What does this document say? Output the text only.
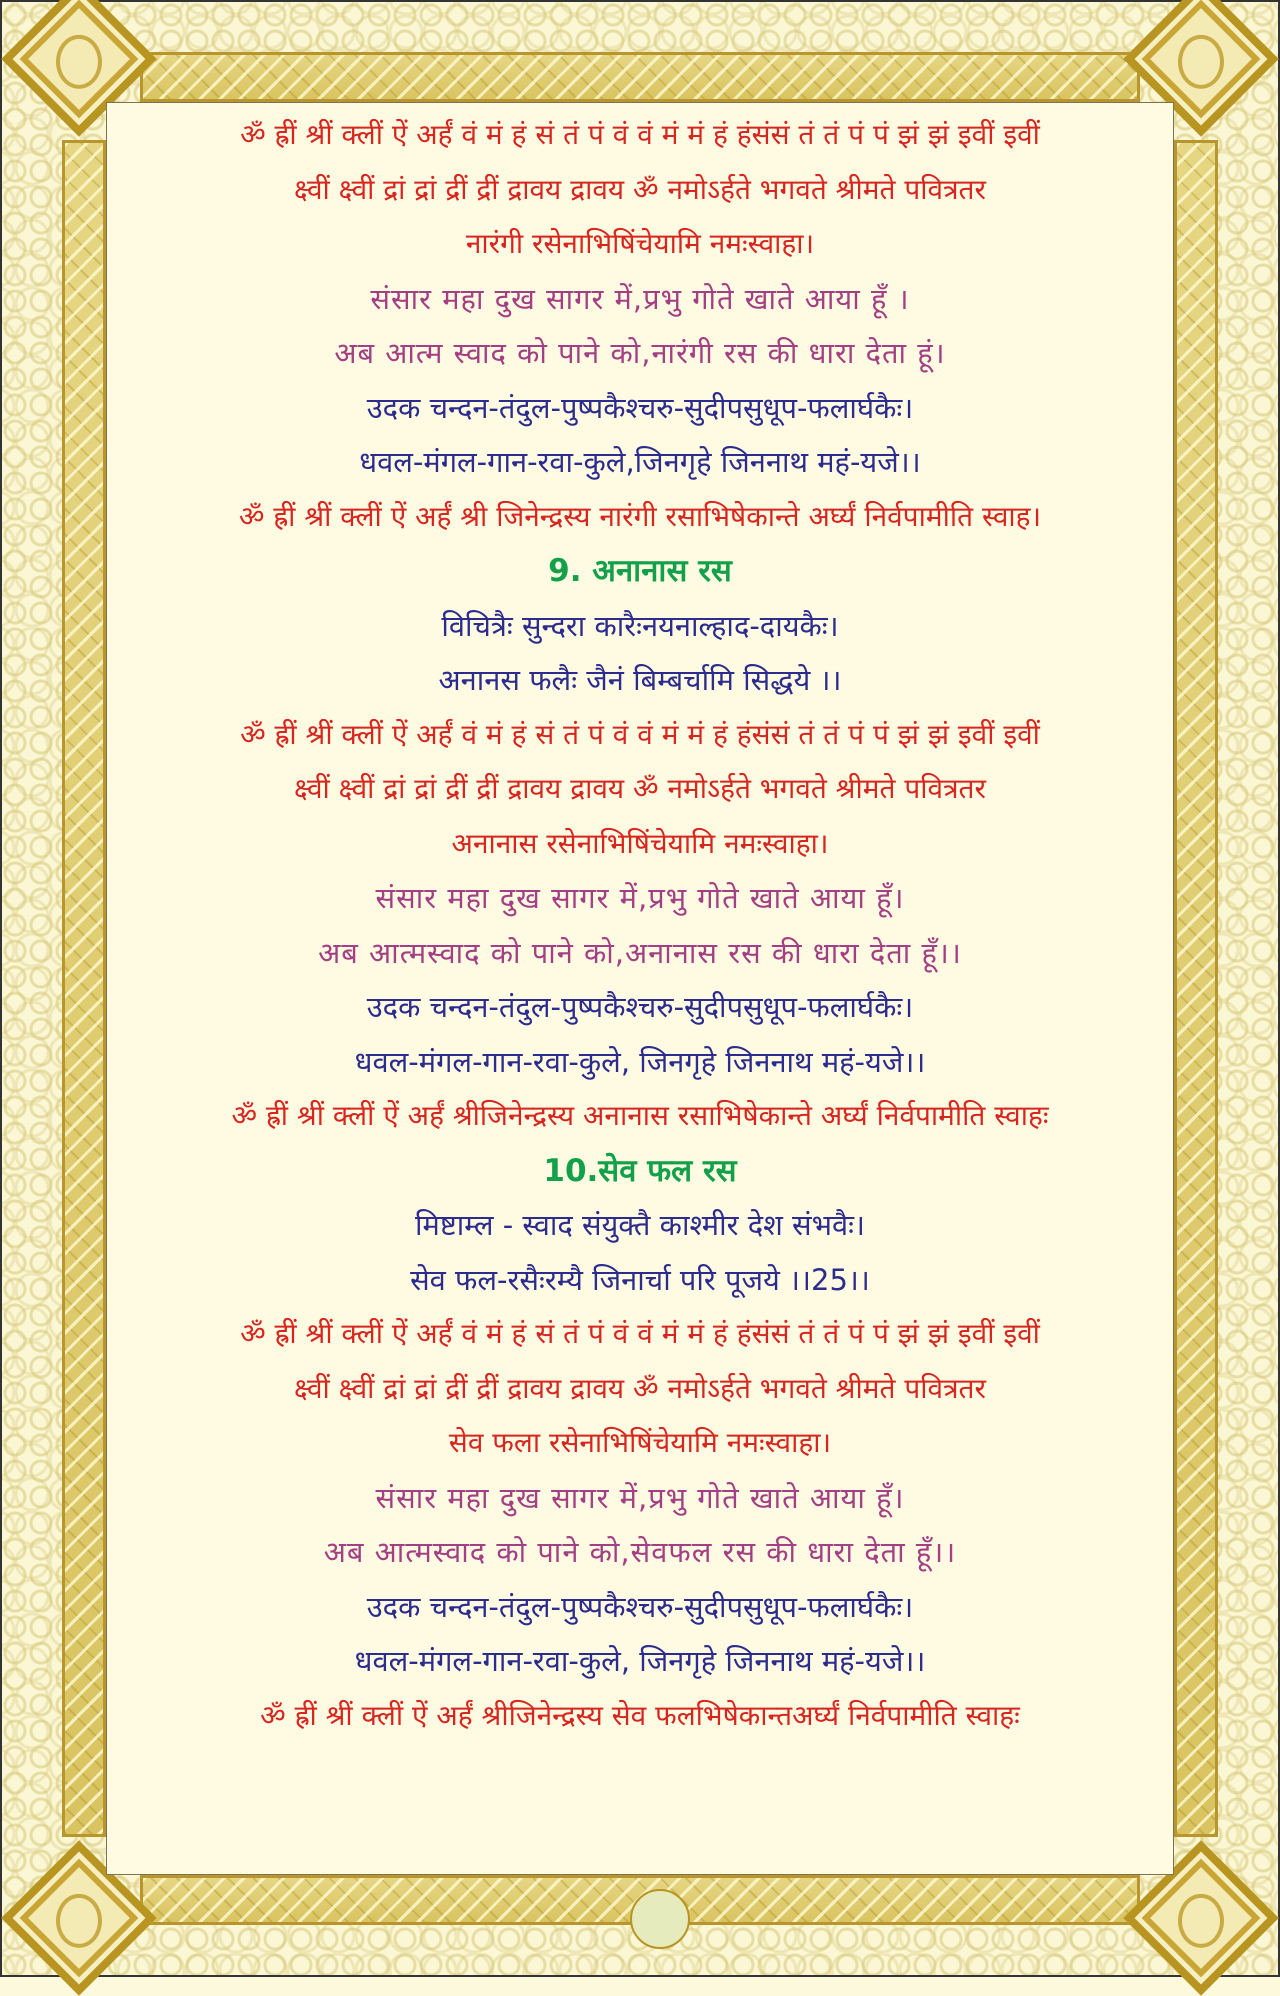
ॐ ह्रीं श्रीं क्लीं ऐं अर्हं वं मं हं सं तं पं वं वं मं मं हं हंसंसं तं तं पं पं झं झं इवीं इवीं

क्ष्वीं क्ष्वीं द्रां द्रां द्रीं द्रीं द्रावय द्रावय ॐ नमोऽर्हते भगवते श्रीमते पवित्रतर

नारंगी रसेनाभिषिंचेयामि नमःस्वाहा।

संसार महा दुख सागर में,प्रभु गोते खाते आया हूँ ।

अब आत्म स्वाद को पाने को,नारंगी रस की धारा देता हूं।

उदक चन्दन-तंदुल-पुष्पकैश्चरु-सुदीपसुधूप-फलार्घकैः।

धवल-मंगल-गान-रवा-कुले,जिनगृहे जिननाथ महं-यजे।।

ॐ ह्रीं श्रीं क्लीं ऐं अर्हं श्री जिनेन्द्रस्य नारंगी रसाभिषेकान्ते अर्घ्यं निर्वपामीति स्वाह।

9. अनानास रस

विचित्रैः सुन्दरा कारैःनयनाल्हाद-दायकैः।

अनानस फलैः जैनं बिम्बर्चामि सिद्धये ।।

ॐ ह्रीं श्रीं क्लीं ऐं अर्हं वं मं हं सं तं पं वं वं मं मं हं हंसंसं तं तं पं पं झं झं इवीं इवीं

क्ष्वीं क्ष्वीं द्रां द्रां द्रीं द्रीं द्रावय द्रावय ॐ नमोऽर्हते भगवते श्रीमते पवित्रतर

अनानास रसेनाभिषिंचेयामि नमःस्वाहा।

संसार महा दुख सागर में,प्रभु गोते खाते आया हूँ।

अब आत्मस्वाद को पाने को,अनानास रस की धारा देता हूँ।।

उदक चन्दन-तंदुल-पुष्पकैश्चरु-सुदीपसुधूप-फलार्घकैः।

धवल-मंगल-गान-रवा-कुले, जिनगृहे जिननाथ महं-यजे।।

ॐ ह्रीं श्रीं क्लीं ऐं अर्हं श्रीजिनेन्द्रस्य अनानास रसाभिषेकान्ते अर्घ्यं निर्वपामीति स्वाहः

10.सेव फल रस

मिष्टाम्ल - स्वाद संयुक्तै काश्मीर देश संभवैः।

सेव फल-रसैःरम्यै जिनार्चा परि पूजये ।।25।।

ॐ ह्रीं श्रीं क्लीं ऐं अर्हं वं मं हं सं तं पं वं वं मं मं हं हंसंसं तं तं पं पं झं झं इवीं इवीं

क्ष्वीं क्ष्वीं द्रां द्रां द्रीं द्रीं द्रावय द्रावय ॐ नमोऽर्हते भगवते श्रीमते पवित्रतर

सेव फला रसेनाभिषिंचेयामि नमःस्वाहा।

संसार महा दुख सागर में,प्रभु गोते खाते आया हूँ।

अब आत्मस्वाद को पाने को,सेवफल रस की धारा देता हूँ।।

उदक चन्दन-तंदुल-पुष्पकैश्चरु-सुदीपसुधूप-फलार्घकैः।

धवल-मंगल-गान-रवा-कुले, जिनगृहे जिननाथ महं-यजे।।

ॐ ह्रीं श्रीं क्लीं ऐं अर्हं श्रीजिनेन्द्रस्य सेव फलभिषेकान्तअर्घ्यं निर्वपामीति स्वाहः
